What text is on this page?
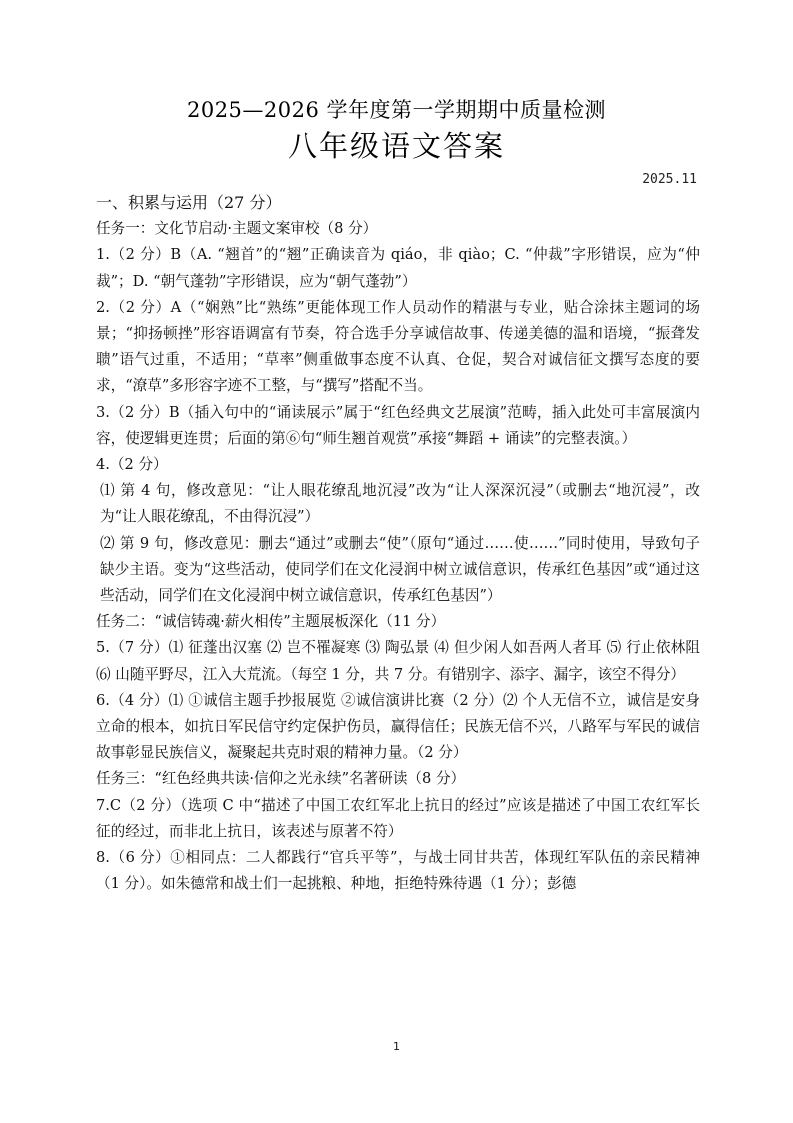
2025—2026 学年度第一学期期中质量检测
八年级语文答案
2025.11

一、积累与运用（27 分）

任务一：文化节启动·主题文案审校（8 分）

1.（2 分）B（A. “翘首”的“翘”正确读音为 qiáo，非 qiào；C. “仲裁”字形错误，应为“仲裁”；D. “朝气蓬勃”字形错误，应为“朝气蓬勃”）

2.（2 分）A（“娴熟”比“熟练”更能体现工作人员动作的精湛与专业，贴合涂抹主题词的场景；“抑扬顿挫”形容语调富有节奏，符合选手分享诚信故事、传递美德的温和语境，“振聋发聩”语气过重，不适用；“草率”侧重做事态度不认真、仓促，契合对诚信征文撰写态度的要求，“潦草”多形容字迹不工整，与“撰写”搭配不当。

3.（2 分）B（插入句中的“诵读展示”属于“红色经典文艺展演”范畴，插入此处可丰富展演内容，使逻辑更连贯；后面的第⑥句“师生翘首观赏”承接“舞蹈 + 诵读”的完整表演。）

4.（2 分）

⑴ 第 4 句，修改意见：“让人眼花缭乱地沉浸”改为“让人深深沉浸”（或删去“地沉浸”，改为“让人眼花缭乱，不由得沉浸”）

⑵ 第 9 句，修改意见：删去“通过”或删去“使”（原句“通过……使……”同时使用，导致句子缺少主语。变为“这些活动，使同学们在文化浸润中树立诚信意识，传承红色基因”或“通过这些活动，同学们在文化浸润中树立诚信意识，传承红色基因”）

任务二：“诚信铸魂·薪火相传”主题展板深化（11 分）

5.（7 分）⑴ 征蓬出汉塞 ⑵ 岂不罹凝寒 ⑶ 陶弘景 ⑷ 但少闲人如吾两人者耳 ⑸ 行止依林阻 ⑹ 山随平野尽，江入大荒流。（每空 1 分，共 7 分。有错别字、添字、漏字，该空不得分）

6.（4 分）⑴ ①诚信主题手抄报展览 ②诚信演讲比赛（2 分）⑵ 个人无信不立，诚信是安身立命的根本，如抗日军民信守约定保护伤员，赢得信任；民族无信不兴，八路军与军民的诚信故事彰显民族信义，凝聚起共克时艰的精神力量。（2 分）

任务三：“红色经典共读·信仰之光永续”名著研读（8 分）

7.C（2 分）（选项 C 中“描述了中国工农红军北上抗日的经过”应该是描述了中国工农红军长征的经过，而非北上抗日，该表述与原著不符）

8.（6 分）①相同点：二人都践行“官兵平等”，与战士同甘共苦，体现红军队伍的亲民精神（1 分）。如朱德常和战士们一起挑粮、种地，拒绝特殊待遇（1 分）；彭德

1
